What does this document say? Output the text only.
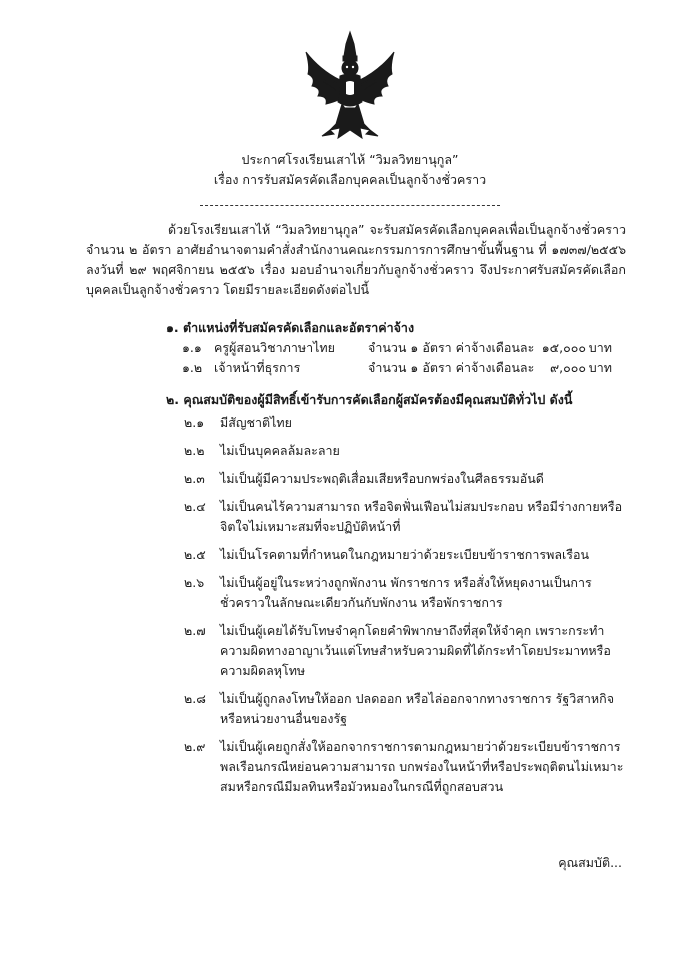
ประกาศโรงเรียนเสาไห้ “วิมลวิทยานุกูล”
เรื่อง การรับสมัครคัดเลือกบุคคลเป็นลูกจ้างชั่วคราว

ด้วยโรงเรียนเสาไห้ “วิมลวิทยานุกูล” จะรับสมัครคัดเลือกบุคคลเพื่อเป็นลูกจ้างชั่วคราว จำนวน ๒ อัตรา อาศัยอำนาจตามคำสั่งสำนักงานคณะกรรมการการศึกษาขั้นพื้นฐาน ที่ ๑๗๓๗/๒๕๕๖ ลงวันที่ ๒๙ พฤศจิกายน ๒๕๕๖ เรื่อง มอบอำนาจเกี่ยวกับลูกจ้างชั่วคราว จึงประกาศรับสมัครคัดเลือกบุคคลเป็นลูกจ้างชั่วคราว โดยมีรายละเอียดดังต่อไปนี้

๑. ตำแหน่งที่รับสมัครคัดเลือกและอัตราค่าจ้าง
๑.๑ ครูผู้สอนวิชาภาษาไทย	จำนวน ๑ อัตรา ค่าจ้างเดือนละ ๑๕,๐๐๐ บาท
๑.๒ เจ้าหน้าที่ธุรการ	จำนวน ๑ อัตรา ค่าจ้างเดือนละ	๙,๐๐๐ บาท
๒. คุณสมบัติของผู้มีสิทธิ์เข้ารับการคัดเลือกผู้สมัครต้องมีคุณสมบัติทั่วไป ดังนี้
๒.๑ มีสัญชาติไทย
๒.๒ ไม่เป็นบุคคลล้มละลาย
๒.๓ ไม่เป็นผู้มีความประพฤติเสื่อมเสียหรือบกพร่องในศีลธรรมอันดี
๒.๔ ไม่เป็นคนไร้ความสามารถ หรือจิตฟั่นเฟือนไม่สมประกอบ หรือมีร่างกายหรือจิตใจไม่เหมาะสมที่จะปฏิบัติหน้าที่
๒.๕ ไม่เป็นโรคตามที่กำหนดในกฎหมายว่าด้วยระเบียบข้าราชการพลเรือน
๒.๖ ไม่เป็นผู้อยู่ในระหว่างถูกพักงาน พักราชการ หรือสั่งให้หยุดงานเป็นการชั่วคราวในลักษณะเดียวกันกับพักงาน หรือพักราชการ
๒.๗ ไม่เป็นผู้เคยได้รับโทษจำคุกโดยคำพิพากษาถึงที่สุดให้จำคุก เพราะกระทำความผิดทางอาญาเว้นแต่โทษสำหรับความผิดที่ได้กระทำโดยประมาทหรือความผิดลหุโทษ
๒.๘ ไม่เป็นผู้ถูกลงโทษให้ออก ปลดออก หรือไล่ออกจากทางราชการ รัฐวิสาหกิจ หรือหน่วยงานอื่นของรัฐ
๒.๙ ไม่เป็นผู้เคยถูกสั่งให้ออกจากราชการตามกฎหมายว่าด้วยระเบียบข้าราชการพลเรือนกรณีหย่อนความสามารถ บกพร่องในหน้าที่หรือประพฤติตนไม่เหมาะสมหรือกรณีมีมลทินหรือมัวหมองในกรณีที่ถูกสอบสวน
คุณสมบัติ...
